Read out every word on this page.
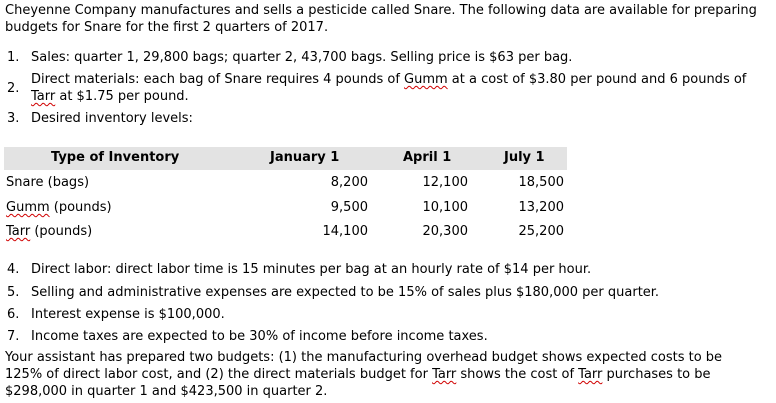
Cheyenne Company manufactures and sells a pesticide called Snare. The following data are available for preparing budgets for Snare for the first 2 quarters of 2017.
1. Sales: quarter 1, 29,800 bags; quarter 2, 43,700 bags. Selling price is $63 per bag.
2.
Direct materials: each bag of Snare requires 4 pounds of Gumm at a cost of $3.80 per pound and 6 pounds of
Tarr at $1.75 per pound.
3. Desired inventory levels:
Type of Inventory	January 1	April 1	July 1
Snare (bags)	8,200	12,100	18,500
Gumm (pounds)	9,500	10,100	13,200
Tarr (pounds)	14,100	20,300	25,200
4. Direct labor: direct labor time is 15 minutes per bag at an hourly rate of $14 per hour.
5. Selling and administrative expenses are expected to be 15% of sales plus $180,000 per quarter.
6. Interest expense is $100,000.
7. Income taxes are expected to be 30% of income before income taxes.
Your assistant has prepared two budgets: (1) the manufacturing overhead budget shows expected costs to be
125% of direct labor cost, and (2) the direct materials budget for Tarr shows the cost of Tarr purchases to be
$298,000 in quarter 1 and $423,500 in quarter 2.
